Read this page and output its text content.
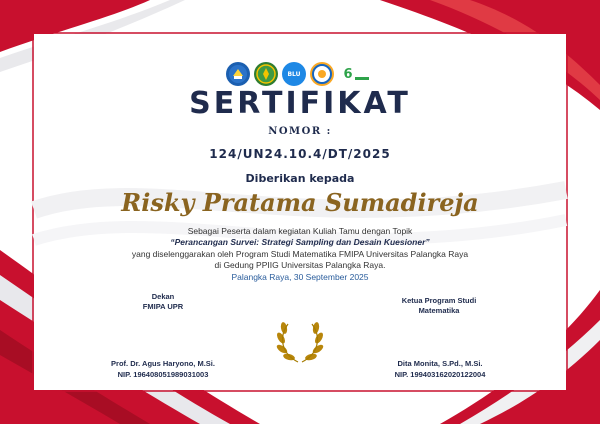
BLU	6
SERTIFIKAT
NOMOR :
124/UN24.10.4/DT/2025
Diberikan kepada
Risky Pratama Sumadireja
Sebagai Peserta dalam kegiatan Kuliah Tamu dengan Topik
“Perancangan Survei: Strategi Sampling dan Desain Kuesioner”
yang diselenggarakan oleh Program Studi Matematika FMIPA Universitas Palangka Raya
di Gedung PPIIG Universitas Palangka Raya.
Palangka Raya, 30 September 2025
Dekan
FMIPA UPR
Prof. Dr. Agus Haryono, M.Si.
NIP. 196408051989031003
Ketua Program Studi
Matematika
Dita Monita, S.Pd., M.Si.
NIP. 199403162020122004
